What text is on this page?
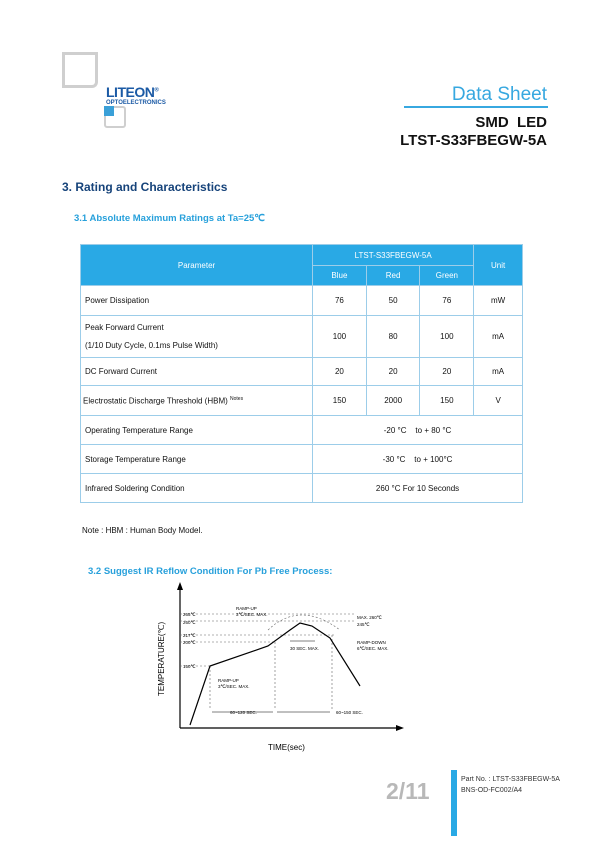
LITEON®
OPTOELECTRONICS	Data Sheet
SMD  LED
LTST-S33FBEGW-5A
3. Rating and Characteristics
3.1 Absolute Maximum Ratings at Ta=25℃
Parameter	LTST-S33FBEGW-5A			Unit
	Blue	Red	Green	
Power Dissipation	76	50	76	mW

Peak Forward Current
(1/10 Duty Cycle, 0.1ms Pulse Width)	100	80	100	mA
DC Forward Current	20	20	20	mA
Electrostatic Discharge Threshold (HBM) $^{Notes}$	150	2000	150	V
Operating Temperature Range	-20 °C    to + 80 °C			
Storage Temperature Range	-30 °C    to + 100°C			
Infrared Soldering Condition	260 °C For 10 Seconds			
Note : HBM : Human Body Model.
3.2 Suggest IR Reflow Condition For Pb Free Process:
265℃
260℃
217℃
200℃
150℃
RAMP-UP
3℃/SEC. MAX.
MAX. 260℃
245℃
RAMP-DOWN
6℃/SEC. MAX.
30 SEC. MAX.
RAMP-UP
3℃/SEC. MAX.
60~120 SEC.	60~150 SEC.
TEMPERATURE(℃)
TIME(sec)
2/11	Part No. : LTST-S33FBEGW-5A
BNS-OD-FC002/A4
